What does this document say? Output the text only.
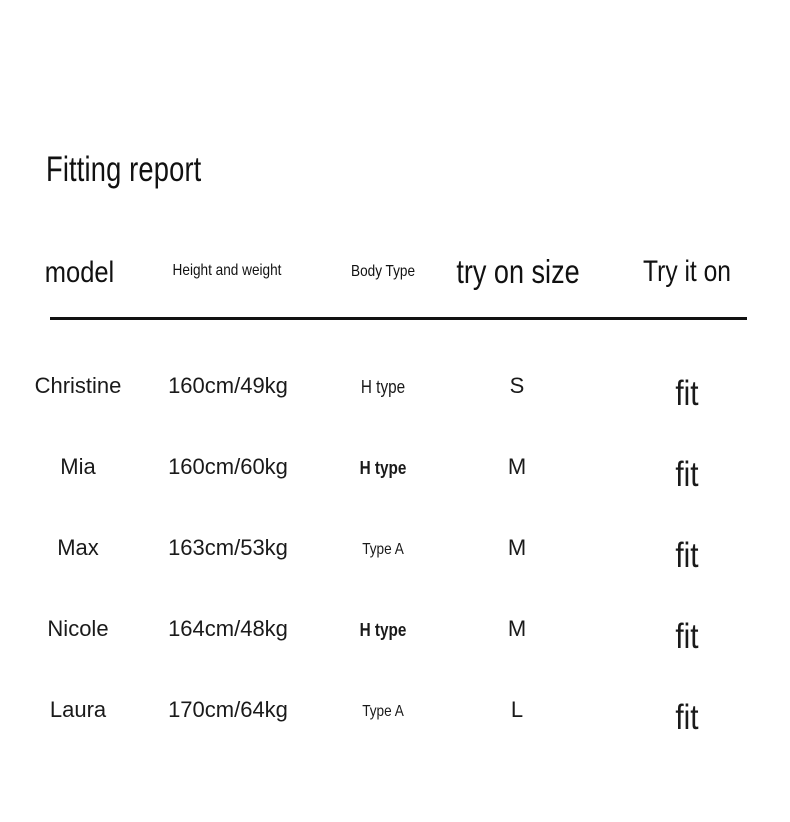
Fitting report
model	Height and weight	Body Type	try on size	Try it on
Christine	160cm/49kg	H type	S	fit
Mia	160cm/60kg	H type	M	fit
Max	163cm/53kg	Type A	M	fit
Nicole	164cm/48kg	H type	M	fit
Laura	170cm/64kg	Type A	L	fit
